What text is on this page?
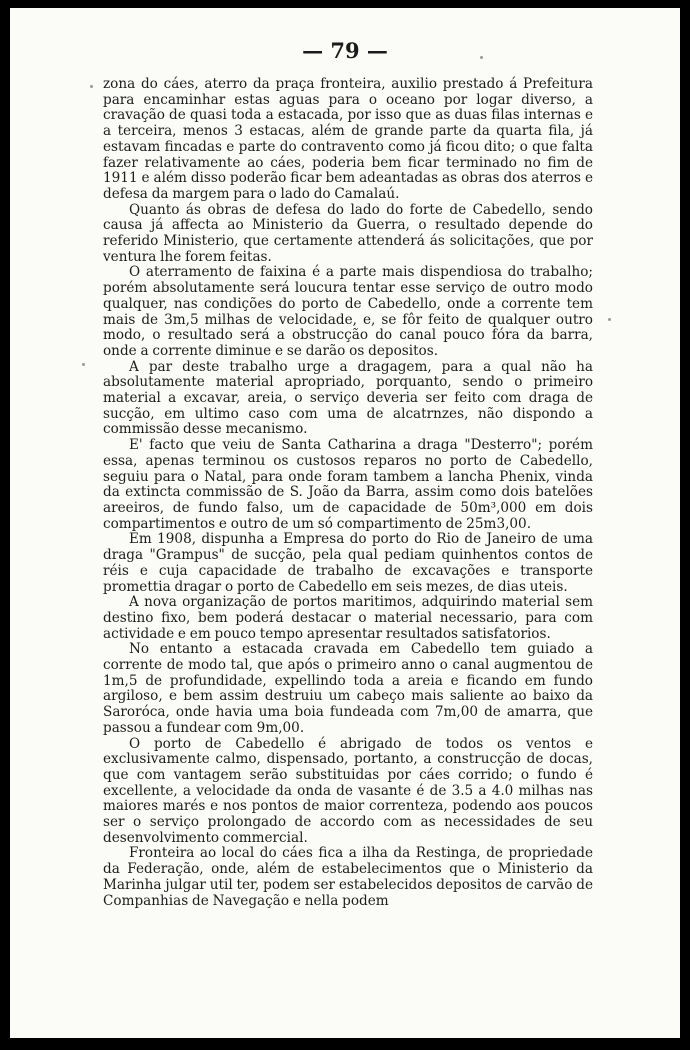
— 79 —

zona do cáes, aterro da praça fronteira, auxilio prestado á Prefeitura para encaminhar estas aguas para o oceano por logar diverso, a cravação de quasi toda a estacada, por isso que as duas filas internas e a terceira, menos 3 estacas, além de grande parte da quarta fila, já estavam fincadas e parte do contravento como já ficou dito; o que falta fazer relativamente ao cáes, poderia bem ficar terminado no fim de 1911 e além disso poderão ficar bem adeantadas as obras dos aterros e defesa da margem para o lado do Camalaú.

Quanto ás obras de defesa do lado do forte de Cabedello, sendo causa já affecta ao Ministerio da Guerra, o resultado depende do referido Ministerio, que certamente attenderá ás solicitações, que por ventura lhe forem feitas.

O aterramento de faixina é a parte mais dispendiosa do trabalho; porém absolutamente será loucura tentar esse serviço de outro modo qualquer, nas condições do porto de Cabedello, onde a corrente tem mais de 3m,5 milhas de velocidade, e, se fôr feito de qualquer outro modo, o resultado será a obstrucção do canal pouco fóra da barra, onde a corrente diminue e se darão os depositos.

A par deste trabalho urge a dragagem, para a qual não ha absolutamente material apropriado, porquanto, sendo o primeiro material a excavar, areia, o serviço deveria ser feito com draga de sucção, em ultimo caso com uma de alcatrnzes, não dispondo a commissão desse mecanismo.

E' facto que veiu de Santa Catharina a draga "Desterro"; porém essa, apenas terminou os custosos reparos no porto de Cabedello, seguiu para o Natal, para onde foram tambem a lancha Phenix, vinda da extincta commissão de S. João da Barra, assim como dois batelões areeiros, de fundo falso, um de capacidade de 50m³,000 em dois compartimentos e outro de um só compartimento de 25m3,00.

Em 1908, dispunha a Empresa do porto do Rio de Janeiro de uma draga "Grampus" de sucção, pela qual pediam quinhentos contos de réis e cuja capacidade de trabalho de excavações e transporte promettia dragar o porto de Cabedello em seis mezes, de dias uteis.

A nova organização de portos maritimos, adquirindo material sem destino fixo, bem poderá destacar o material necessario, para com actividade e em pouco tempo apresentar resultados satisfatorios.

No entanto a estacada cravada em Cabedello tem guiado a corrente de modo tal, que após o primeiro anno o canal augmentou de 1m,5 de profundidade, expellindo toda a areia e ficando em fundo argiloso, e bem assim destruiu um cabeço mais saliente ao baixo da Saroróca, onde havia uma boia fundeada com 7m,00 de amarra, que passou a fundear com 9m,00.

O porto de Cabedello é abrigado de todos os ventos e exclusivamente calmo, dispensado, portanto, a construcção de docas, que com vantagem serão substituidas por cáes corrido; o fundo é excellente, a velocidade da onda de vasante é de 3.5 a 4.0 milhas nas maiores marés e nos pontos de maior correnteza, podendo aos poucos ser o serviço prolongado de accordo com as necessidades de seu desenvolvimento commercial.

Fronteira ao local do cáes fica a ilha da Restinga, de propriedade da Federação, onde, além de estabelecimentos que o Ministerio da Marinha julgar util ter, podem ser estabelecidos depositos de carvão de Companhias de Navegação e nella podem
